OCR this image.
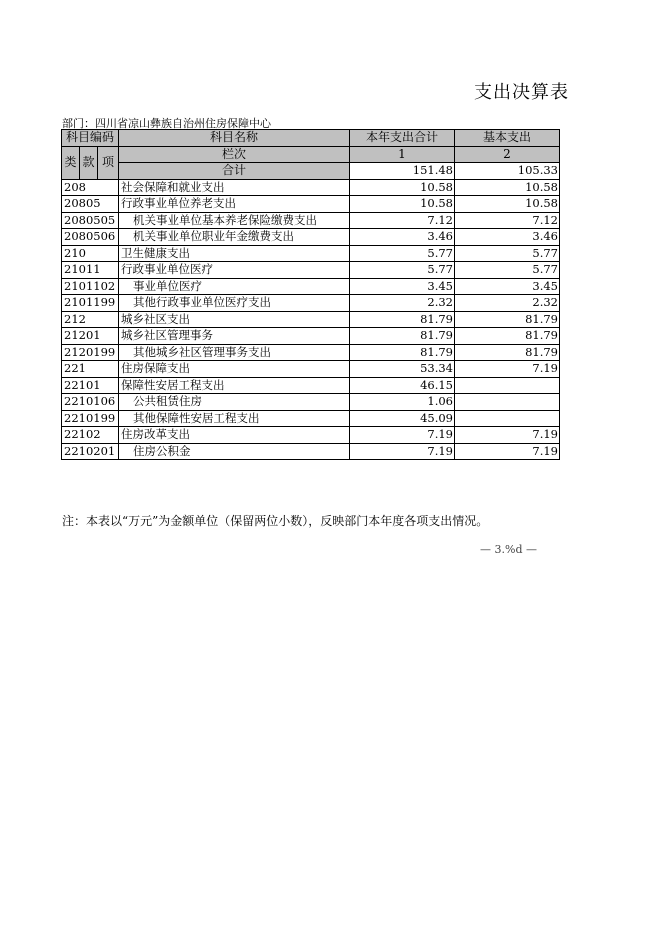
支出决算表
部门：四川省凉山彝族自治州住房保障中心
科目编码			科目名称	本年支出合计	基本支出
类	款	项	栏次	1	2
			合计	151.48	105.33
208			社会保障和就业支出	10.58	10.58
20805			行政事业单位养老支出	10.58	10.58
2080505			机关事业单位基本养老保险缴费支出	7.12	7.12
2080506			机关事业单位职业年金缴费支出	3.46	3.46
210			卫生健康支出	5.77	5.77
21011			行政事业单位医疗	5.77	5.77
2101102			事业单位医疗	3.45	3.45
2101199			其他行政事业单位医疗支出	2.32	2.32
212			城乡社区支出	81.79	81.79
21201			城乡社区管理事务	81.79	81.79
2120199			其他城乡社区管理事务支出	81.79	81.79
221			住房保障支出	53.34	7.19
22101			保障性安居工程支出	46.15	
2210106			公共租赁住房	1.06	
2210199			其他保障性安居工程支出	45.09	
22102			住房改革支出	7.19	7.19
2210201			住房公积金	7.19	7.19
注：本表以“万元”为金额单位（保留两位小数），反映部门本年度各项支出情况。
— 3.%d —
